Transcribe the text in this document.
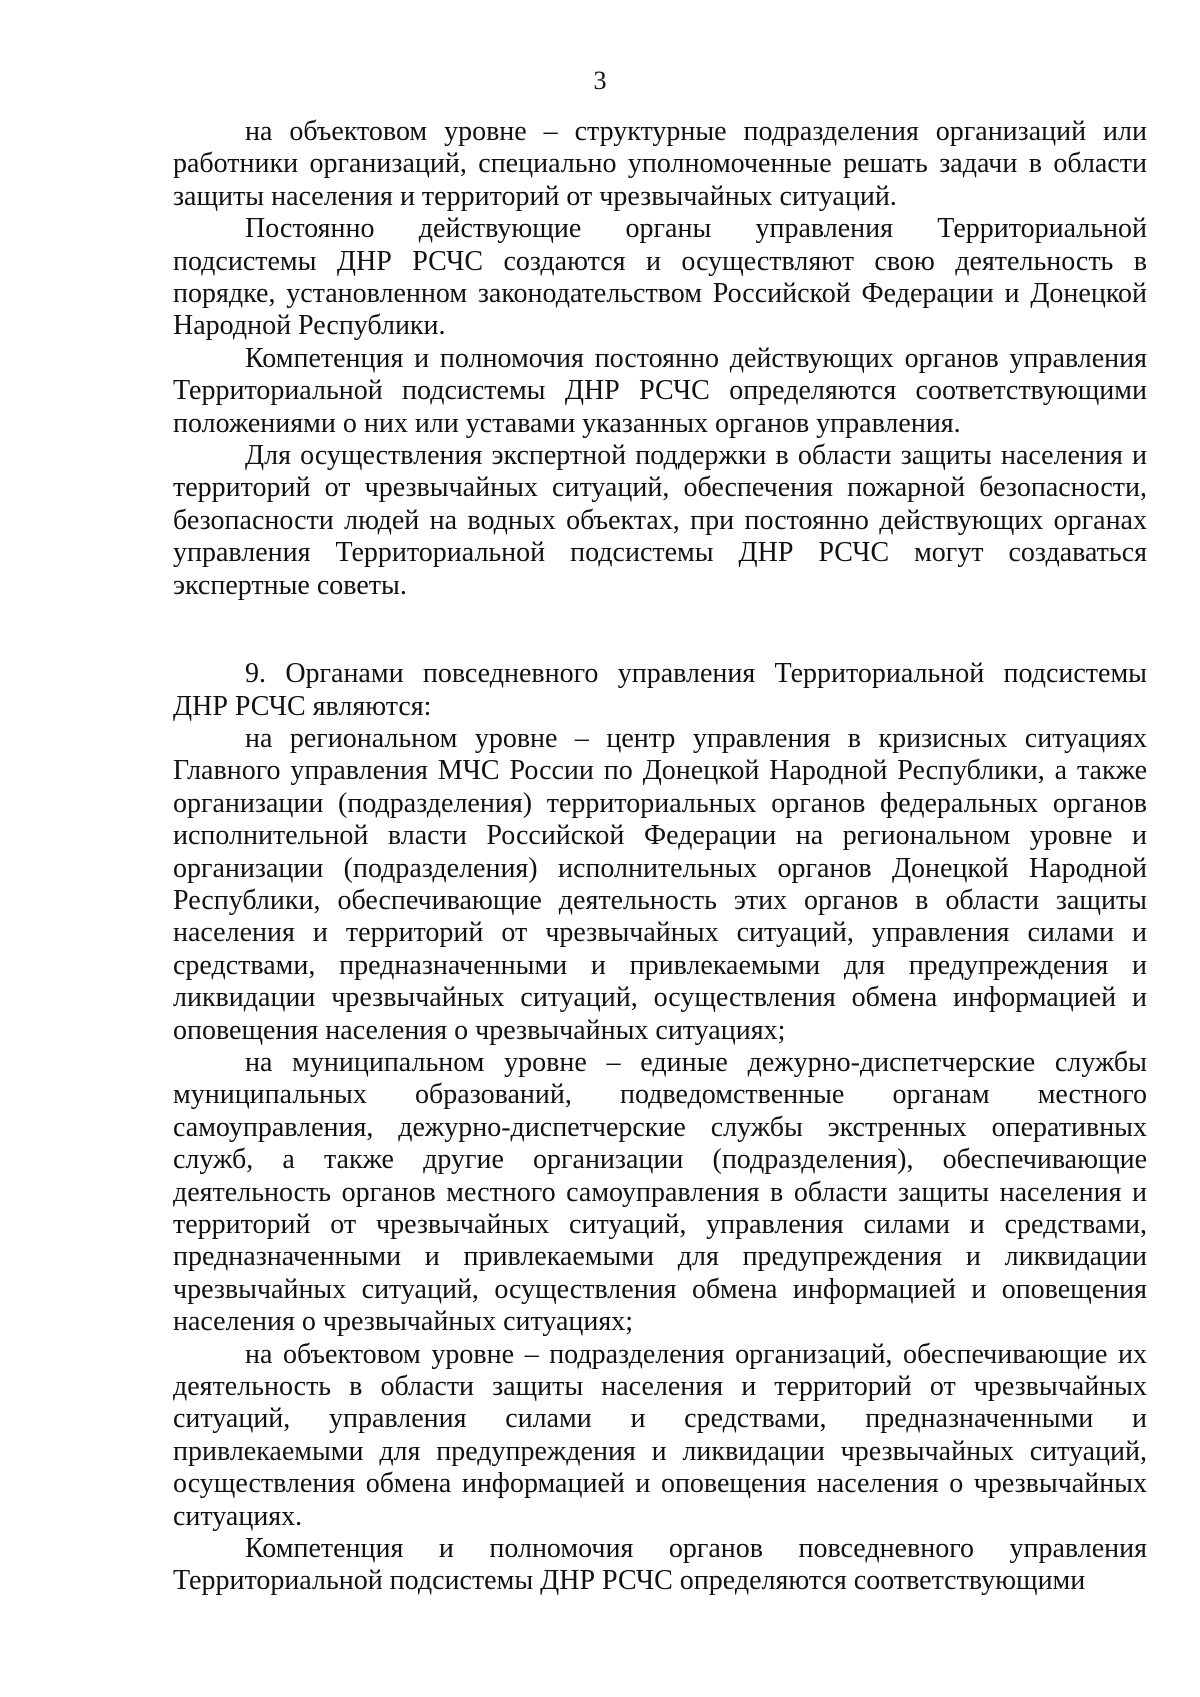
3

на объектовом уровне – структурные подразделения организаций или работники организаций, специально уполномоченные решать задачи в области защиты населения и территорий от чрезвычайных ситуаций.

Постоянно действующие органы управления Территориальной подсистемы ДНР РСЧС создаются и осуществляют свою деятельность в порядке, установленном законодательством Российской Федерации и Донецкой Народной Республики.

Компетенция и полномочия постоянно действующих органов управления Территориальной подсистемы ДНР РСЧС определяются соответствующими положениями о них или уставами указанных органов управления.

Для осуществления экспертной поддержки в области защиты населения и территорий от чрезвычайных ситуаций, обеспечения пожарной безопасности, безопасности людей на водных объектах, при постоянно действующих органах управления Территориальной подсистемы ДНР РСЧС могут создаваться экспертные советы.

9. Органами повседневного управления Территориальной подсистемы ДНР РСЧС являются:

на региональном уровне – центр управления в кризисных ситуациях Главного управления МЧС России по Донецкой Народной Республики, а также организации (подразделения) территориальных органов федеральных органов исполнительной власти Российской Федерации на региональном уровне и организации (подразделения) исполнительных органов Донецкой Народной Республики, обеспечивающие деятельность этих органов в области защиты населения и территорий от чрезвычайных ситуаций, управления силами и средствами, предназначенными и привлекаемыми для предупреждения и ликвидации чрезвычайных ситуаций, осуществления обмена информацией и оповещения населения о чрезвычайных ситуациях;

на муниципальном уровне – единые дежурно-диспетчерские службы муниципальных образований, подведомственные органам местного самоуправления, дежурно-диспетчерские службы экстренных оперативных служб, а также другие организации (подразделения), обеспечивающие деятельность органов местного самоуправления в области защиты населения и территорий от чрезвычайных ситуаций, управления силами и средствами, предназначенными и привлекаемыми для предупреждения и ликвидации чрезвычайных ситуаций, осуществления обмена информацией и оповещения населения о чрезвычайных ситуациях;

на объектовом уровне – подразделения организаций, обеспечивающие их деятельность в области защиты населения и территорий от чрезвычайных ситуаций, управления силами и средствами, предназначенными и привлекаемыми для предупреждения и ликвидации чрезвычайных ситуаций, осуществления обмена информацией и оповещения населения о чрезвычайных ситуациях.

Компетенция и полномочия органов повседневного управления Территориальной подсистемы ДНР РСЧС определяются соответствующими
